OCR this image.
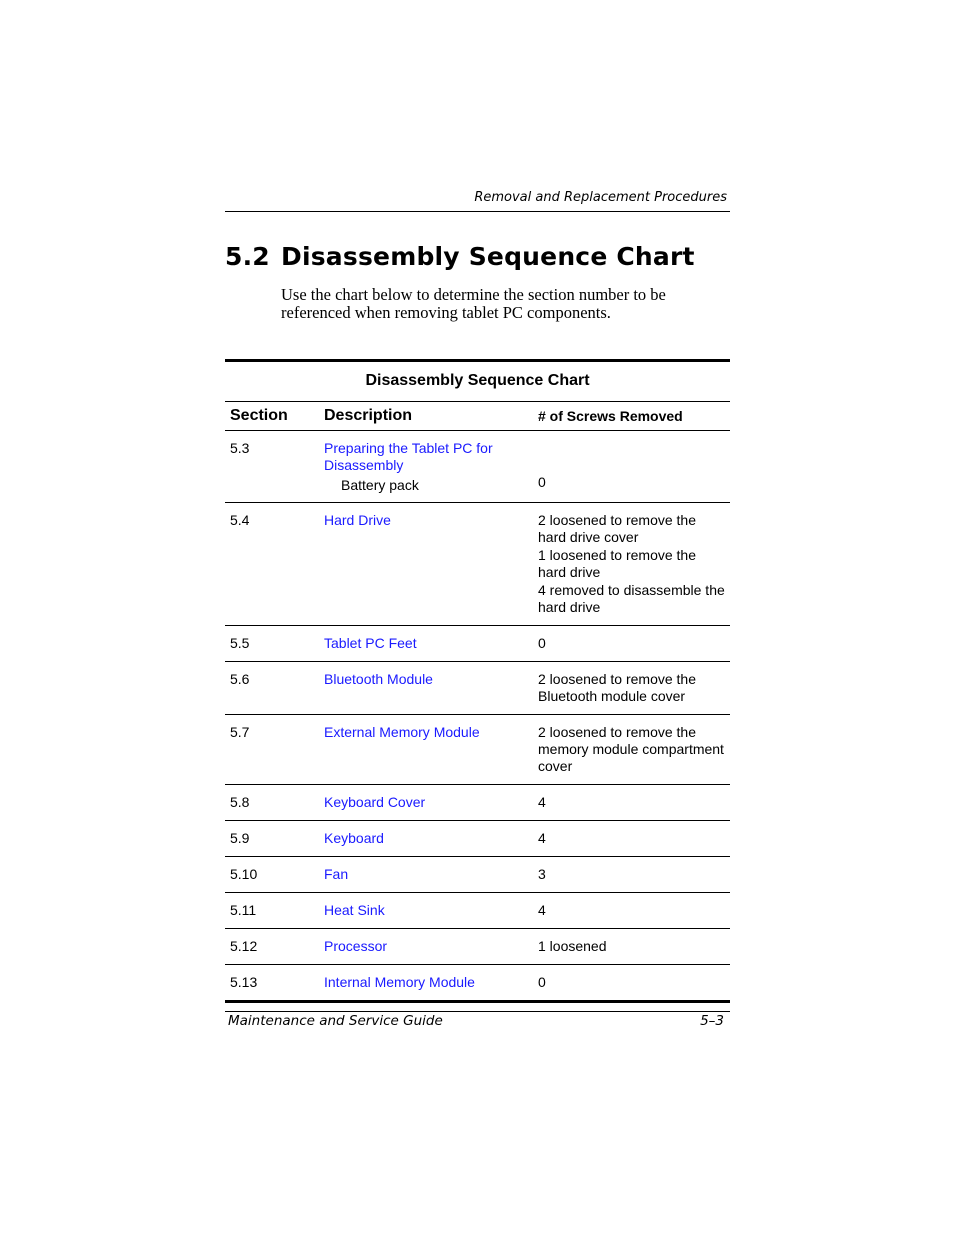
Removal and Replacement Procedures
5.2 Disassembly Sequence Chart

Use the chart below to determine the section number to be referenced when removing tablet PC components.

Disassembly Sequence Chart
Section	Description	# of Screws Removed
5.3	Preparing the Tablet PC for Disassembly
Battery pack	0

5.4	Hard Drive	2 loosened to remove the hard drive cover
1 loosened to remove the hard drive
4 removed to disassemble the hard drive

5.5	Tablet PC Feet	0

5.6	Bluetooth Module	2 loosened to remove the Bluetooth module cover

5.7	External Memory Module	2 loosened to remove the memory module compartment cover

5.8	Keyboard Cover	4

5.9	Keyboard	4

5.10	Fan	3

5.11	Heat Sink	4

5.12	Processor	1 loosened

5.13	Internal Memory Module	0
Maintenance and Service Guide	5–3
